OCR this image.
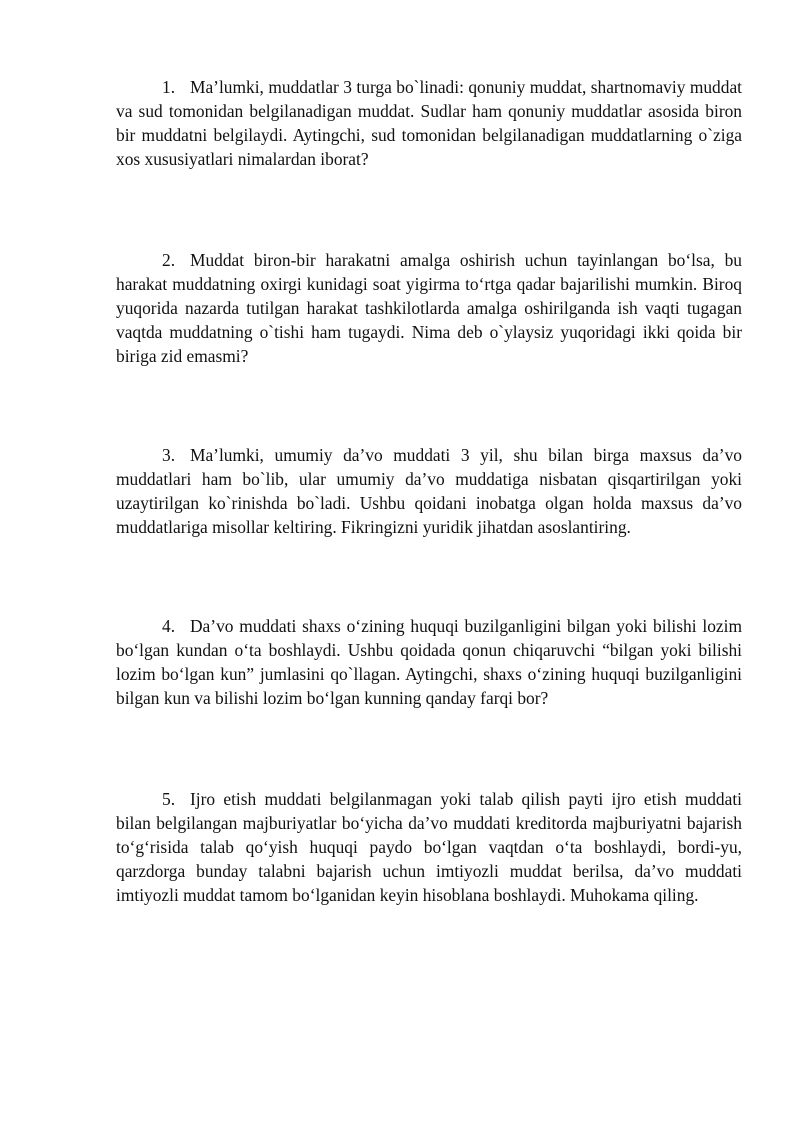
1. Ma’lumki, muddatlar 3 turga bo`linadi: qonuniy muddat, shartnomaviy muddat va sud tomonidan belgilanadigan muddat. Sudlar ham qonuniy muddatlar asosida biron bir muddatni belgilaydi. Aytingchi, sud tomonidan belgilanadigan muddatlarning o`ziga xos xususiyatlari nimalardan iborat?
2. Muddat biron-bir harakatni amalga oshirish uchun tayinlangan bo‘lsa, bu harakat muddatning oxirgi kunidagi soat yigirma to‘rtga qadar bajarilishi mumkin. Biroq yuqorida nazarda tutilgan harakat tashkilotlarda amalga oshirilganda ish vaqti tugagan vaqtda muddatning o`tishi ham tugaydi. Nima deb o`ylaysiz yuqoridagi ikki qoida bir biriga zid emasmi?
3. Ma’lumki, umumiy da’vo muddati 3 yil, shu bilan birga maxsus da’vo muddatlari ham bo`lib, ular umumiy da’vo muddatiga nisbatan qisqartirilgan yoki uzaytirilgan ko`rinishda bo`ladi. Ushbu qoidani inobatga olgan holda maxsus da’vo muddatlariga misollar keltiring. Fikringizni yuridik jihatdan asoslantiring.
4. Da’vo muddati shaxs o‘zining huquqi buzilganligini bilgan yoki bilishi lozim bo‘lgan kundan o‘ta boshlaydi. Ushbu qoidada qonun chiqaruvchi “bilgan yoki bilishi lozim bo‘lgan kun” jumlasini qo`llagan. Aytingchi, shaxs o‘zining huquqi buzilganligini bilgan kun va bilishi lozim bo‘lgan kunning qanday farqi bor?
5. Ijro etish muddati belgilanmagan yoki talab qilish payti ijro etish muddati bilan belgilangan majburiyatlar bo‘yicha da’vo muddati kreditorda majburiyatni bajarish to‘g‘risida talab qo‘yish huquqi paydo bo‘lgan vaqtdan o‘ta boshlaydi, bordi-yu, qarzdorga bunday talabni bajarish uchun imtiyozli muddat berilsa, da’vo muddati imtiyozli muddat tamom bo‘lganidan keyin hisoblana boshlaydi. Muhokama qiling.
